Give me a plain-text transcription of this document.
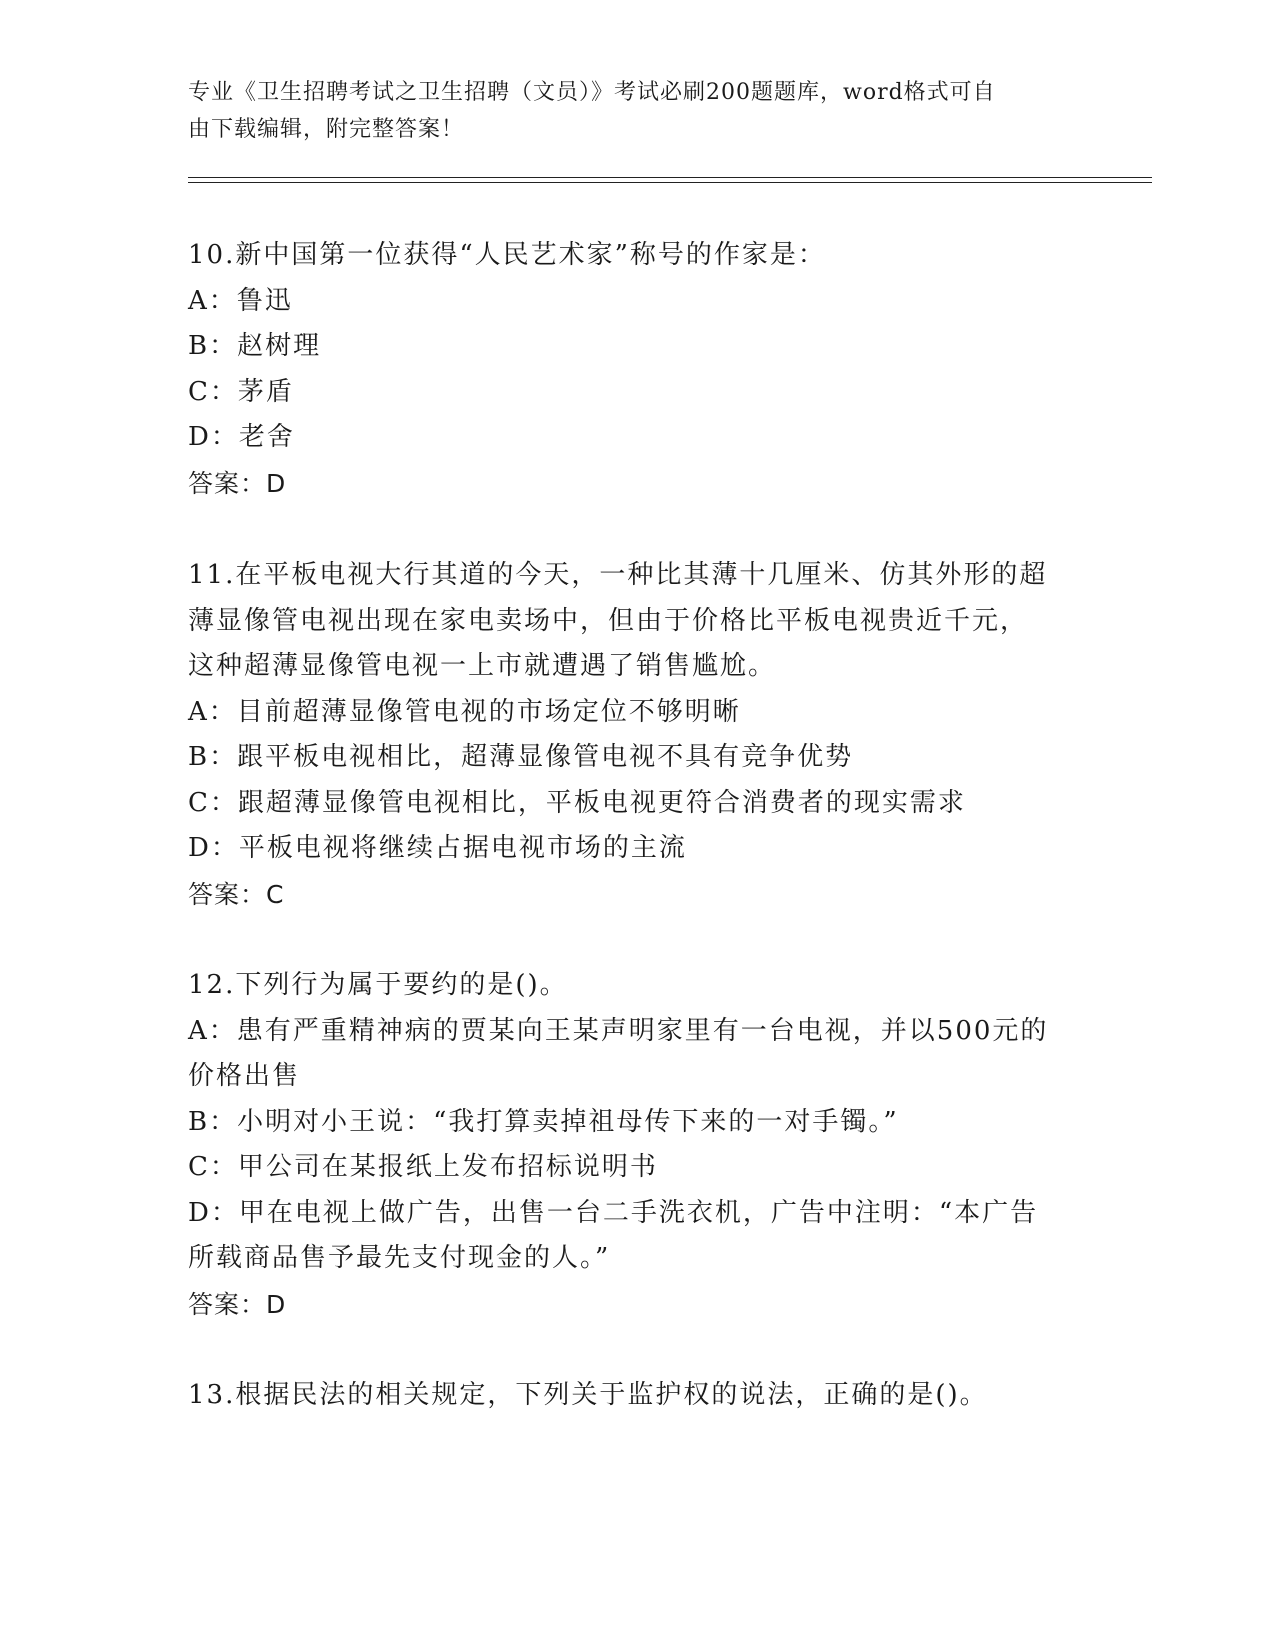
专业《卫生招聘考试之卫生招聘（文员）》考试必刷200题题库，word格式可自
由下载编辑，附完整答案！
10.新中国第一位获得“人民艺术家”称号的作家是：
A：鲁迅
B：赵树理
C：茅盾
D：老舍
答案：D
11.在平板电视大行其道的今天，一种比其薄十几厘米、仿其外形的超
薄显像管电视出现在家电卖场中，但由于价格比平板电视贵近千元，
这种超薄显像管电视一上市就遭遇了销售尴尬。
A：目前超薄显像管电视的市场定位不够明晰
B：跟平板电视相比，超薄显像管电视不具有竞争优势
C：跟超薄显像管电视相比，平板电视更符合消费者的现实需求
D：平板电视将继续占据电视市场的主流
答案：C
12.下列行为属于要约的是()。
A：患有严重精神病的贾某向王某声明家里有一台电视，并以500元的
价格出售
B：小明对小王说：“我打算卖掉祖母传下来的一对手镯。”
C：甲公司在某报纸上发布招标说明书
D：甲在电视上做广告，出售一台二手洗衣机，广告中注明：“本广告
所载商品售予最先支付现金的人。”
答案：D
13.根据民法的相关规定，下列关于监护权的说法，正确的是()。
